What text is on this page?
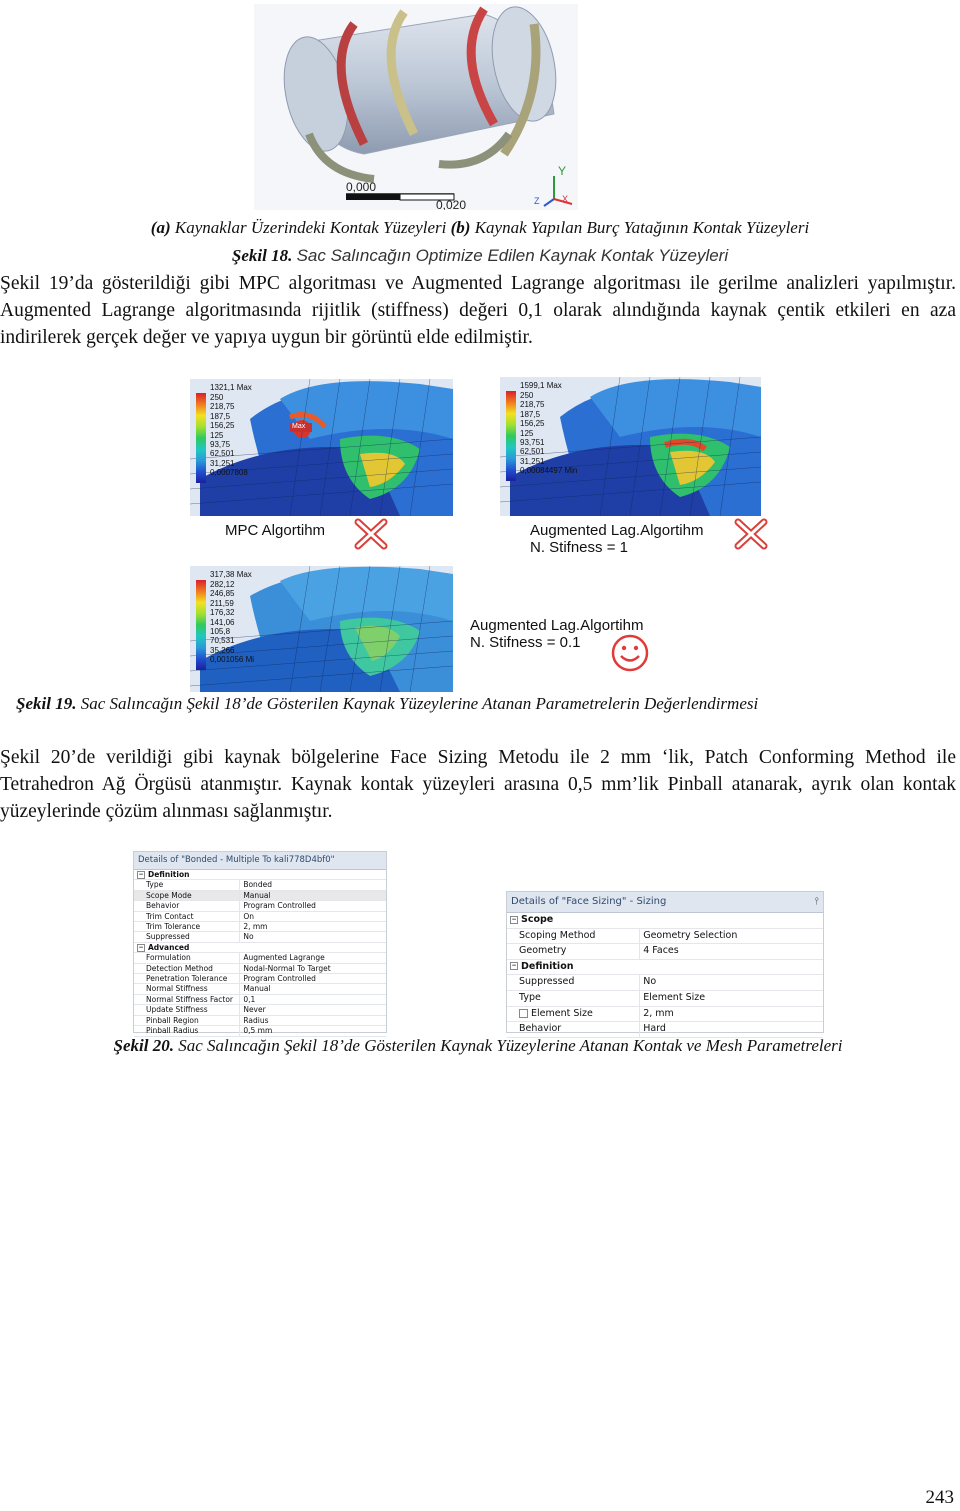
0,000
0,020
Y
X
Z
(a) Kaynaklar Üzerindeki Kontak Yüzeyleri (b) Kaynak Yapılan Burç Yatağının Kontak Yüzeyleri
Şekil 18. Sac Salıncağın Optimize Edilen Kaynak Kontak Yüzeyleri
Şekil 19’da gösterildiği gibi MPC algoritması ve Augmented Lagrange algoritması ile gerilme analizleri yapılmıştır. Augmented Lagrange algoritmasında rijitlik (stiffness) değeri 0,1 olarak alındığında kaynak çentik etkileri en aza indirilerek gerçek değer ve yapıya uygun bir görüntü elde edilmiştir.
Max
1321,1 Max
250
218,75
187,5
156,25
125
93,75
62,501
31,251
0,0007808
MPC Algortihm
1599,1 Max
250
218,75
187,5
156,25
125
93,751
62,501
31,251
0,00084497 Min
Augmented Lag.Algortihm
N. Stifness = 1
317,38 Max
282,12
246,85
211,59
176,32
141,06
105,8
70,531
35,266
0,001056 Mi
Augmented Lag.Algortihm
N. Stifness = 0.1
Şekil 19. Sac Salıncağın Şekil 18’de Gösterilen Kaynak Yüzeylerine Atanan Parametrelerin Değerlendirmesi
Şekil 20’de verildiği gibi kaynak bölgelerine Face Sizing Metodu ile 2 mm ‘lik, Patch Conforming Method ile Tetrahedron Ağ Örgüsü atanmıştır. Kaynak kontak yüzeyleri arasına 0,5 mm’lik Pinball atanarak, ayrık olan kontak yüzeylerinde çözüm alınması sağlanmıştır.
Details of "Bonded - Multiple To kali778D4bf0"
− Definition	
Type	Bonded
Scope Mode	Manual
Behavior	Program Controlled
Trim Contact	On
Trim Tolerance	2, mm
Suppressed	No
− Advanced	
Formulation	Augmented Lagrange
Detection Method	Nodal-Normal To Target
Penetration Tolerance	Program Controlled
Normal Stiffness	Manual
Normal Stiffness Factor	0,1
Update Stiffness	Never
Pinball Region	Radius
Pinball Radius	0,5 mm
Details of "Face Sizing" - Sizing	⫯
− Scope	
Scoping Method	Geometry Selection
Geometry	4 Faces
− Definition	
Suppressed	No
Type	Element Size
Element Size	2, mm
Behavior	Hard
Şekil 20. Sac Salıncağın Şekil 18’de Gösterilen Kaynak Yüzeylerine Atanan Kontak ve Mesh Parametreleri
243
